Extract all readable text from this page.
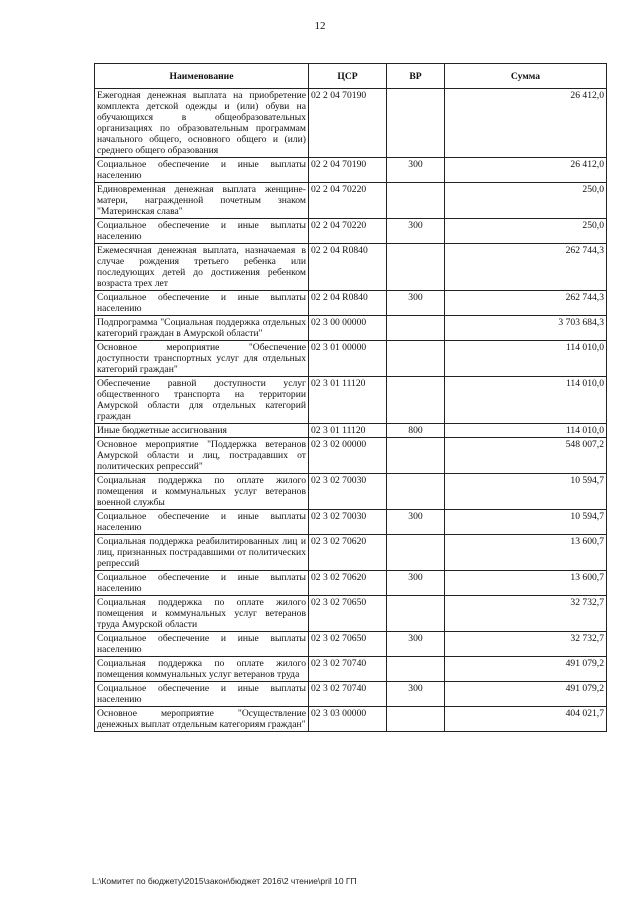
12
Наименование	ЦСР	ВР	Сумма
Ежегодная денежная выплата на приобретение комплекта детской одежды и (или) обуви на обучающихся в общеобразовательных организациях по образовательным программам начального общего, основного общего и (или) среднего общего образования	02 2 04 70190		26 412,0
Социальное обеспечение и иные выплаты населению	02 2 04 70190	300	26 412,0
Единовременная денежная выплата женщине-матери, награжденной почетным знаком "Материнская слава"	02 2 04 70220		250,0
Социальное обеспечение и иные выплаты населению	02 2 04 70220	300	250,0
Ежемесячная денежная выплата, назначаемая в случае рождения третьего ребенка или последующих детей до достижения ребенком возраста трех лет	02 2 04 R0840		262 744,3
Социальное обеспечение и иные выплаты населению	02 2 04 R0840	300	262 744,3
Подпрограмма "Социальная поддержка отдельных категорий граждан в Амурской области"	02 3 00 00000		3 703 684,3
Основное мероприятие "Обеспечение доступности транспортных услуг для отдельных категорий граждан"	02 3 01 00000		114 010,0
Обеспечение равной доступности услуг общественного транспорта на территории Амурской области для отдельных категорий граждан	02 3 01 11120		114 010,0
Иные бюджетные ассигнования	02 3 01 11120	800	114 010,0
Основное мероприятие "Поддержка ветеранов Амурской области и лиц, пострадавших от политических репрессий"	02 3 02 00000		548 007,2
Социальная поддержка по оплате жилого помещения и коммунальных услуг ветеранов военной службы	02 3 02 70030		10 594,7
Социальное обеспечение и иные выплаты населению	02 3 02 70030	300	10 594,7
Социальная поддержка реабилитированных лиц и лиц, признанных пострадавшими от политических репрессий	02 3 02 70620		13 600,7
Социальное обеспечение и иные выплаты населению	02 3 02 70620	300	13 600,7
Социальная поддержка по оплате жилого помещения и коммунальных услуг ветеранов труда Амурской области	02 3 02 70650		32 732,7
Социальное обеспечение и иные выплаты населению	02 3 02 70650	300	32 732,7
Социальная поддержка по оплате жилого помещения коммунальных услуг ветеранов труда	02 3 02 70740		491 079,2
Социальное обеспечение и иные выплаты населению	02 3 02 70740	300	491 079,2
Основное мероприятие "Осуществление денежных выплат отдельным категориям граждан"	02 3 03 00000		404 021,7
L:\Комитет по бюджету\2015\закон\бюджет 2016\2 чтение\pril 10 ГП
